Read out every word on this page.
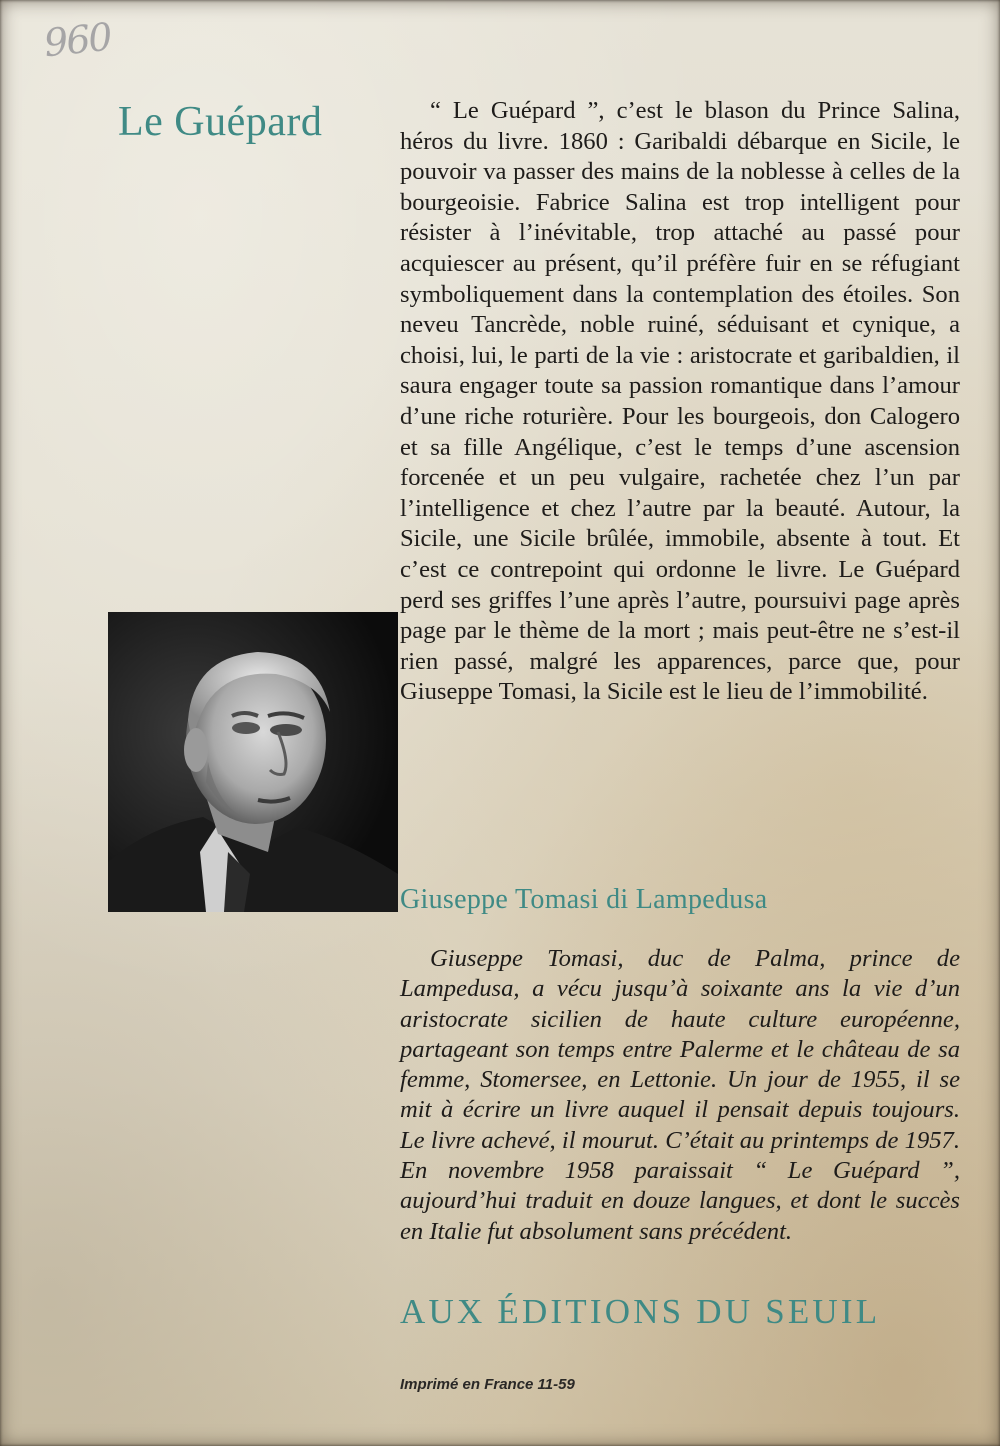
960
Le Guépard	“ Le Guépard ”, c’est le blason du Prince Salina, héros du livre. 1860 : Garibaldi débarque en Sicile, le pouvoir va passer des mains de la noblesse à celles de la bourgeoisie. Fabrice Salina est trop intelligent pour résister à l’inévitable, trop attaché au passé pour acquiescer au présent, qu’il préfère fuir en se réfugiant symboliquement dans la contemplation des étoiles. Son neveu Tancrède, noble ruiné, séduisant et cynique, a choisi, lui, le parti de la vie : aristocrate et garibaldien, il saura engager toute sa passion romantique dans l’amour d’une riche roturière. Pour les bourgeois, don Calogero et sa fille Angélique, c’est le temps d’une ascension forcenée et un peu vulgaire, rachetée chez l’un par l’intelligence et chez l’autre par la beauté. Autour, la Sicile, une Sicile brûlée, immobile, absente à tout. Et c’est ce contrepoint qui ordonne le livre. Le Guépard perd ses griffes l’une après l’autre, poursuivi page après page par le thème de la mort ; mais peut-être ne s’est-il rien passé, malgré les apparences, parce que, pour Giuseppe Tomasi, la Sicile est le lieu de l’immobilité.

Giuseppe Tomasi di Lampedusa

Giuseppe Tomasi, duc de Palma, prince de Lampedusa, a vécu jusqu’à soixante ans la vie d’un aristocrate sicilien de haute culture européenne, partageant son temps entre Palerme et le château de sa femme, Stomersee, en Lettonie. Un jour de 1955, il se mit à écrire un livre auquel il pensait depuis toujours. Le livre achevé, il mourut. C’était au printemps de 1957. En novembre 1958 paraissait “ Le Guépard ”, aujourd’hui traduit en douze langues, et dont le succès en Italie fut absolument sans précédent.

AUX ÉDITIONS DU SEUIL
Imprimé en France 11-59
